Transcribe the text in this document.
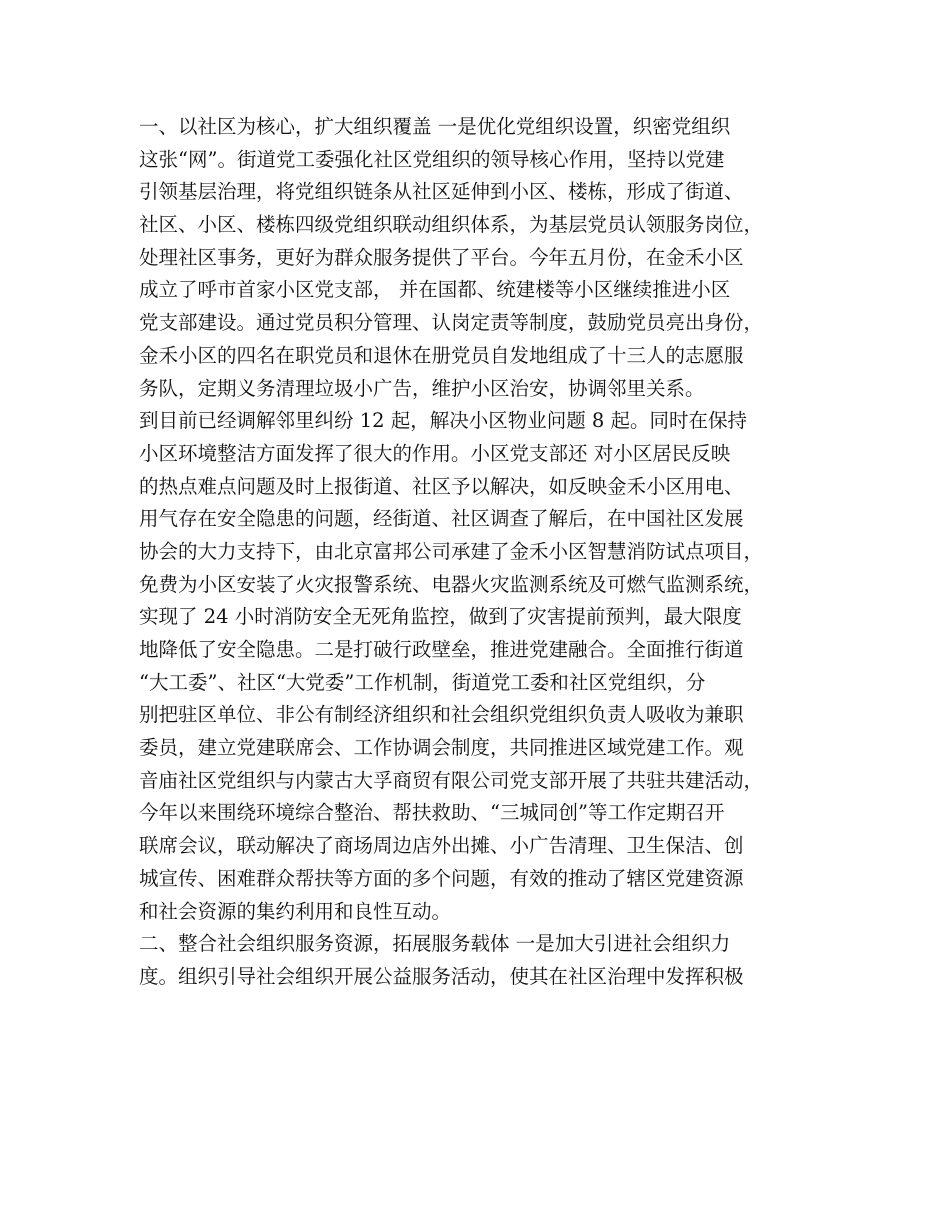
一、以社区为核心，扩大组织覆盖 一是优化党组织设置，织密党组织
这张“网”。街道党工委强化社区党组织的领导核心作用，坚持以党建
引领基层治理，将党组织链条从社区延伸到小区、楼栋，形成了街道、
社区、小区、楼栋四级党组织联动组织体系，为基层党员认领服务岗位，
处理社区事务，更好为群众服务提供了平台。今年五月份，在金禾小区
成立了呼市首家小区党支部， 并在国都、统建楼等小区继续推进小区
党支部建设。通过党员积分管理、认岗定责等制度，鼓励党员亮出身份，
金禾小区的四名在职党员和退休在册党员自发地组成了十三人的志愿服
务队，定期义务清理垃圾小广告，维护小区治安，协调邻里关系。
到目前已经调解邻里纠纷 12 起，解决小区物业问题 8 起。同时在保持
小区环境整洁方面发挥了很大的作用。小区党支部还 对小区居民反映
的热点难点问题及时上报街道、社区予以解决，如反映金禾小区用电、
用气存在安全隐患的问题，经街道、社区调查了解后，在中国社区发展
协会的大力支持下，由北京富邦公司承建了金禾小区智慧消防试点项目，
免费为小区安装了火灾报警系统、电器火灾监测系统及可燃气监测系统，
实现了 24 小时消防安全无死角监控，做到了灾害提前预判，最大限度
地降低了安全隐患。二是打破行政壁垒，推进党建融合。全面推行街道
“大工委”、社区“大党委”工作机制，街道党工委和社区党组织，分
别把驻区单位、非公有制经济组织和社会组织党组织负责人吸收为兼职
委员，建立党建联席会、工作协调会制度，共同推进区域党建工作。观
音庙社区党组织与内蒙古大孚商贸有限公司党支部开展了共驻共建活动，
今年以来围绕环境综合整治、帮扶救助、“三城同创”等工作定期召开
联席会议，联动解决了商场周边店外出摊、小广告清理、卫生保洁、创
城宣传、困难群众帮扶等方面的多个问题，有效的推动了辖区党建资源
和社会资源的集约利用和良性互动。
二、整合社会组织服务资源，拓展服务载体 一是加大引进社会组织力
度。组织引导社会组织开展公益服务活动，使其在社区治理中发挥积极
